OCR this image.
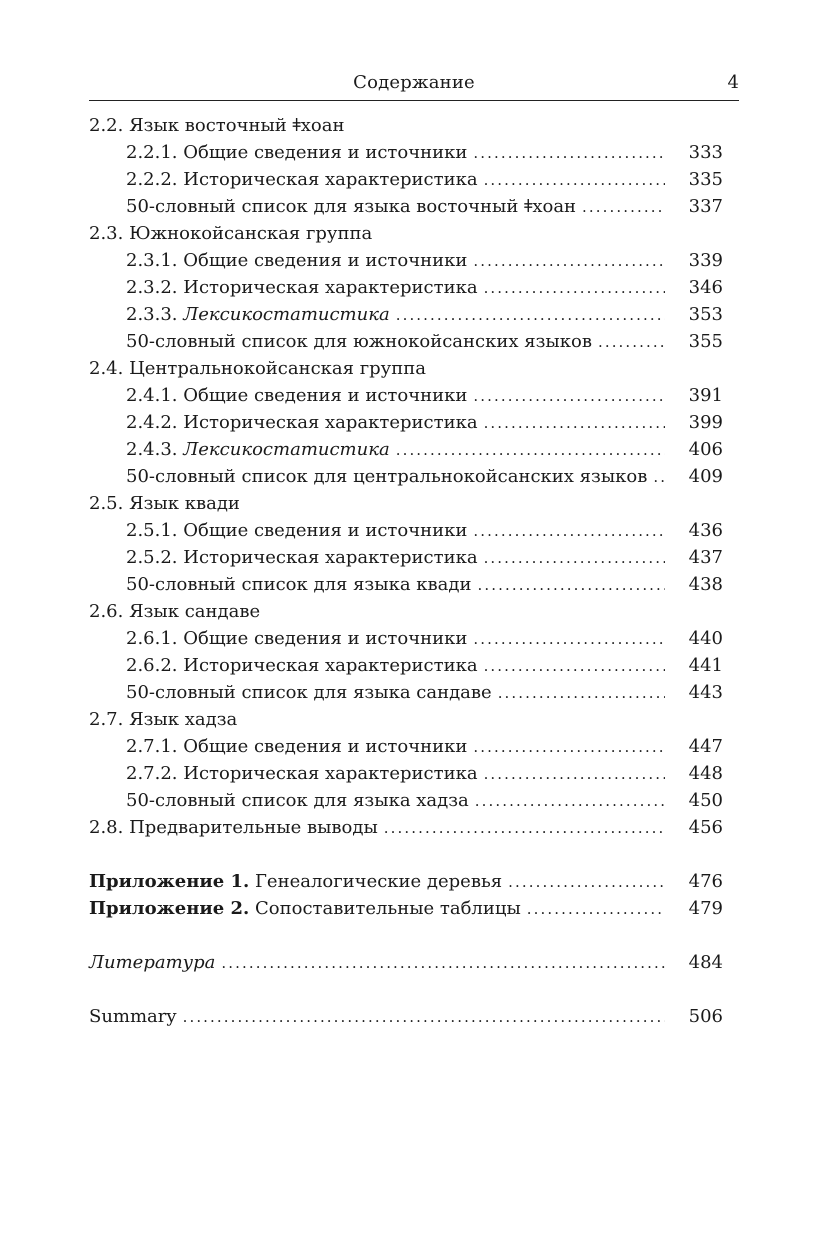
Содержание	4
2.2. Язык восточный ǂхоан
2.2.1. Общие сведения и источники .....	333
2.2.2. Историческая характеристика .....	335
50-словный список для языка восточный ǂхоан .....	337
2.3. Южнокойсанская группа
2.3.1. Общие сведения и источники .....	339
2.3.2. Историческая характеристика .....	346
2.3.3. Лексикостатистика .....	353
50-словный список для южнокойсанских языков .....	355
2.4. Центральнокойсанская группа
2.4.1. Общие сведения и источники .....	391
2.4.2. Историческая характеристика .....	399
2.4.3. Лексикостатистика .....	406
50-словный список для центральнокойсанских языков .....	409
2.5. Язык квади
2.5.1. Общие сведения и источники .....	436
2.5.2. Историческая характеристика .....	437
50-словный список для языка квади .....	438
2.6. Язык сандаве
2.6.1. Общие сведения и источники .....	440
2.6.2. Историческая характеристика .....	441
50-словный список для языка сандаве .....	443
2.7. Язык хадза
2.7.1. Общие сведения и источники .....	447
2.7.2. Историческая характеристика .....	448
50-словный список для языка хадза .....	450
2.8. Предварительные выводы .....	456
Приложение 1. Генеалогические деревья .....	476
Приложение 2. Сопоставительные таблицы .....	479
Литература .....	484
Summary .....	506
